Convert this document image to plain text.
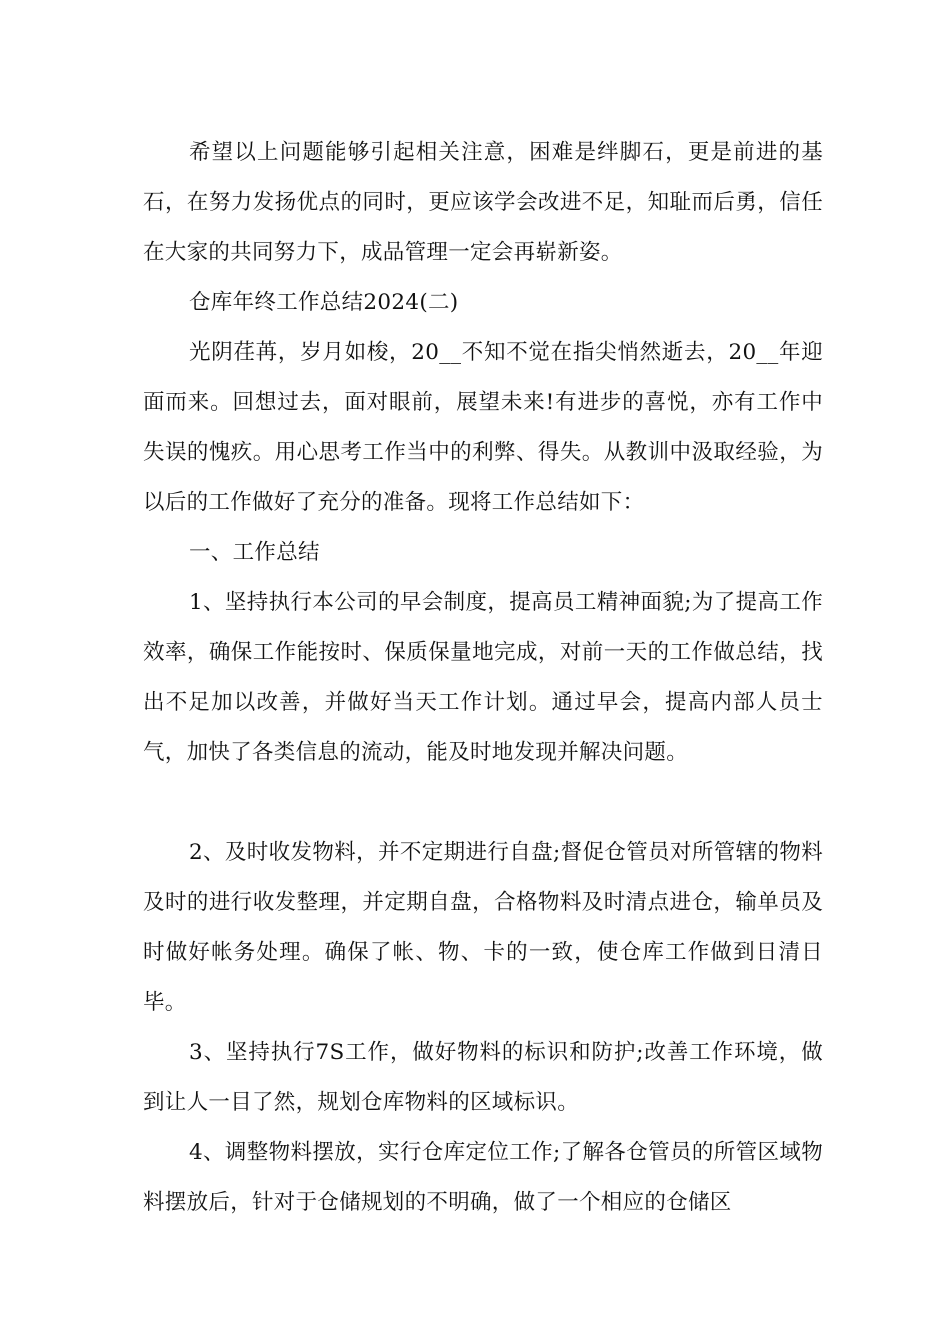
希望以上问题能够引起相关注意，困难是绊脚石，更是前进的基石，在努力发扬优点的同时，更应该学会改进不足，知耻而后勇，信任在大家的共同努力下，成品管理一定会再崭新姿。

仓库年终工作总结2024(二)

光阴荏苒，岁月如梭，20__不知不觉在指尖悄然逝去，20__年迎面而来。回想过去，面对眼前，展望未来!有进步的喜悦，亦有工作中失误的愧疚。用心思考工作当中的利弊、得失。从教训中汲取经验，为以后的工作做好了充分的准备。现将工作总结如下：

一、工作总结

1、坚持执行本公司的早会制度，提高员工精神面貌;为了提高工作效率，确保工作能按时、保质保量地完成，对前一天的工作做总结，找出不足加以改善，并做好当天工作计划。通过早会，提高内部人员士气，加快了各类信息的流动，能及时地发现并解决问题。

2、及时收发物料，并不定期进行自盘;督促仓管员对所管辖的物料及时的进行收发整理，并定期自盘，合格物料及时清点进仓，输单员及时做好帐务处理。确保了帐、物、卡的一致，使仓库工作做到日清日毕。

3、坚持执行7S工作，做好物料的标识和防护;改善工作环境，做到让人一目了然，规划仓库物料的区域标识。

4、调整物料摆放，实行仓库定位工作;了解各仓管员的所管区域物料摆放后，针对于仓储规划的不明确，做了一个相应的仓储区
